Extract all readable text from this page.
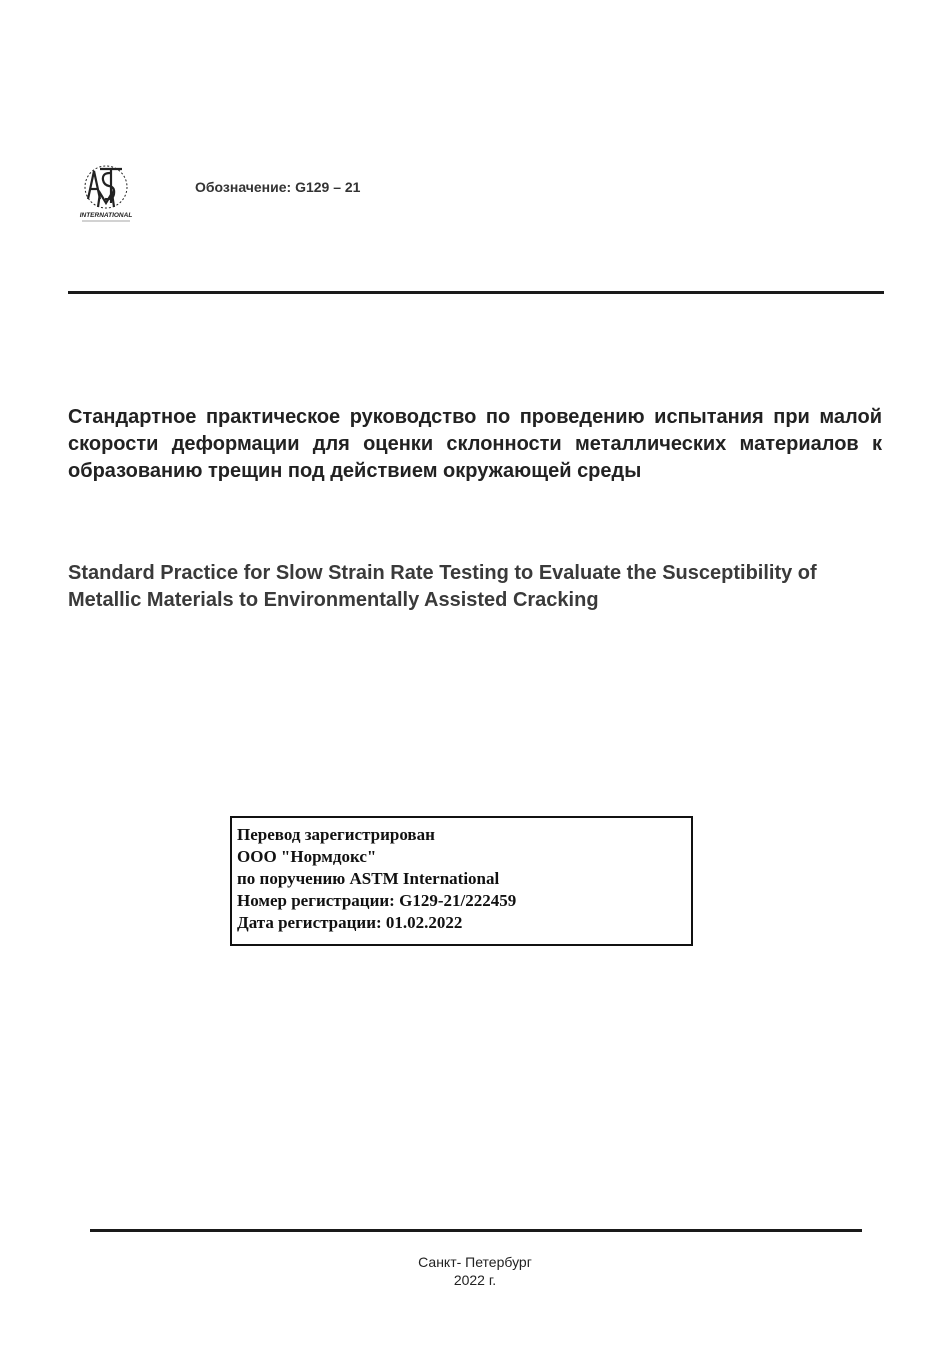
INTERNATIONAL
Обозначение: G129 – 21
Стандартное практическое руководство по проведению испытания при малой скорости деформации для оценки склонности металлических материалов к образованию трещин под действием окружающей среды
Standard Practice for Slow Strain Rate Testing to Evaluate the Susceptibility of Metallic Materials to Environmentally Assisted Cracking
Перевод зарегистрирован
ООО "Нормдокс"
по поручению ASTM International
Номер регистрации: G129-21/222459
Дата регистрации: 01.02.2022
Санкт- Петербург
2022 г.
